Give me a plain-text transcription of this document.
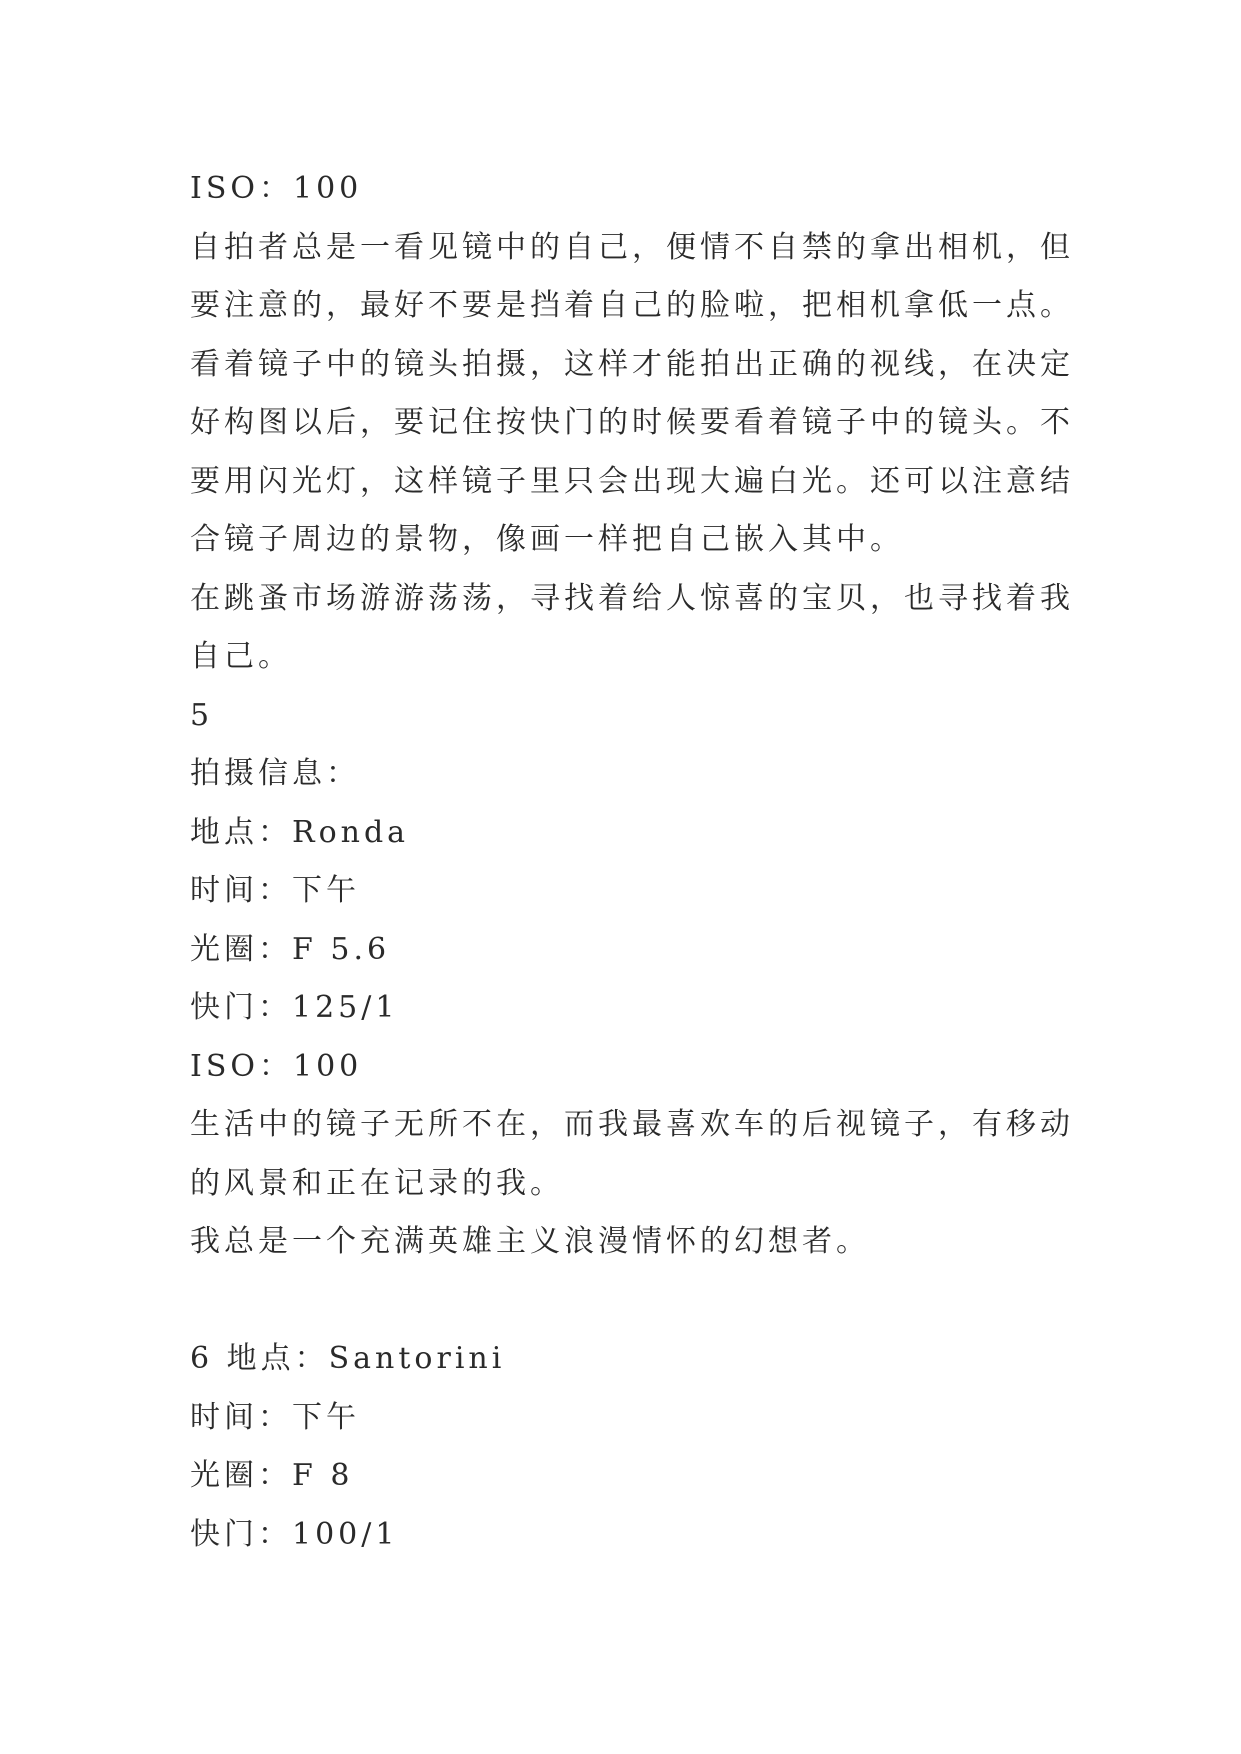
ISO：100
自拍者总是一看见镜中的自己，便情不自禁的拿出相机，但
要注意的，最好不要是挡着自己的脸啦，把相机拿低一点。
看着镜子中的镜头拍摄，这样才能拍出正确的视线，在决定
好构图以后，要记住按快门的时候要看着镜子中的镜头。不
要用闪光灯，这样镜子里只会出现大遍白光。还可以注意结
合镜子周边的景物，像画一样把自己嵌入其中。
在跳蚤市场游游荡荡，寻找着给人惊喜的宝贝，也寻找着我
自己。
5
拍摄信息：
地点：Ronda
时间：下午
光圈：F 5.6
快门：125/1
ISO：100
生活中的镜子无所不在，而我最喜欢车的后视镜子，有移动
的风景和正在记录的我。
我总是一个充满英雄主义浪漫情怀的幻想者。
6 地点：Santorini
时间：下午
光圈：F 8
快门：100/1
